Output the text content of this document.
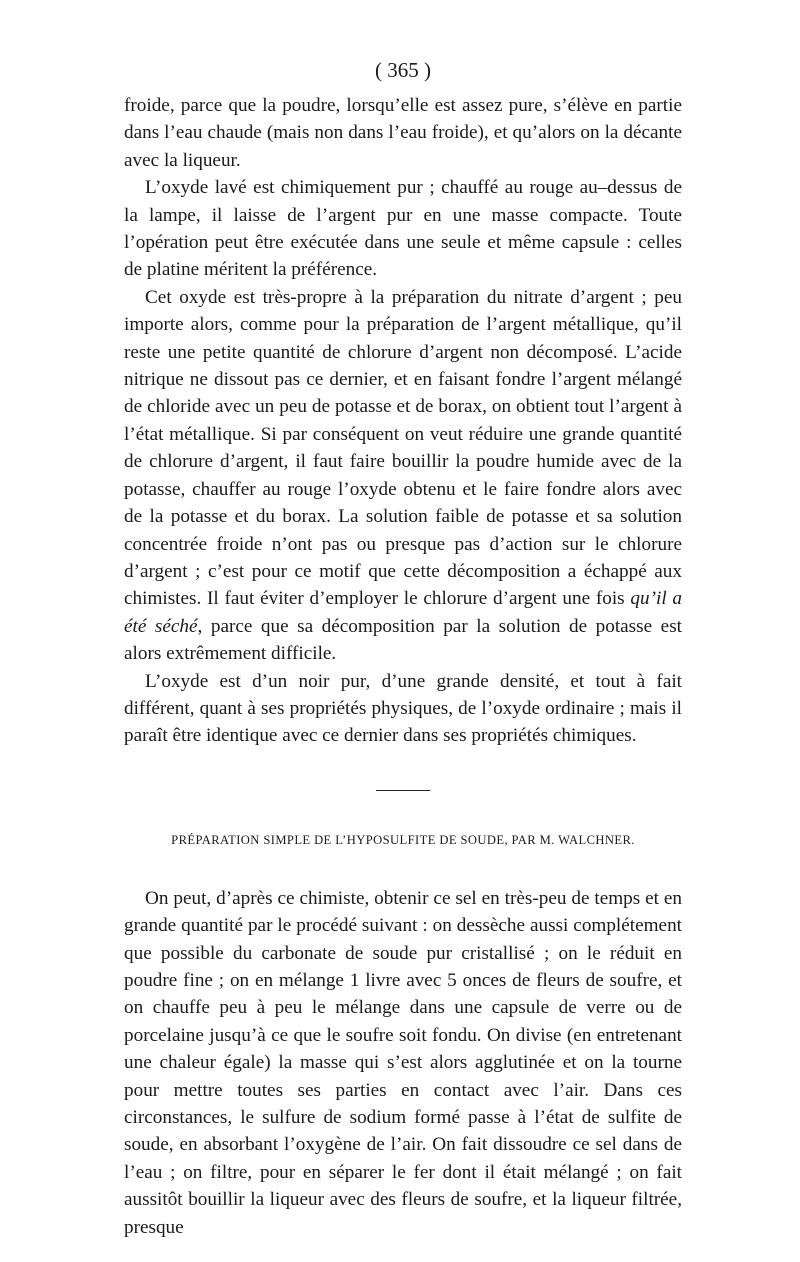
( 365 )

froide, parce que la poudre, lorsqu’elle est assez pure, s’élève en partie dans l’eau chaude (mais non dans l’eau froide), et qu’alors on la décante avec la liqueur.

L’oxyde lavé est chimiquement pur ; chauffé au rouge au–dessus de la lampe, il laisse de l’argent pur en une masse compacte. Toute l’opération peut être exécutée dans une seule et même capsule : celles de platine méritent la préférence.

Cet oxyde est très-propre à la préparation du nitrate d’argent ; peu importe alors, comme pour la préparation de l’argent métallique, qu’il reste une petite quantité de chlorure d’argent non décomposé. L’acide nitrique ne dissout pas ce dernier, et en faisant fondre l’argent mélangé de chloride avec un peu de potasse et de borax, on obtient tout l’argent à l’état métallique. Si par conséquent on veut réduire une grande quantité de chlorure d’argent, il faut faire bouillir la poudre humide avec de la potasse, chauffer au rouge l’oxyde obtenu et le faire fondre alors avec de la potasse et du borax. La solution faible de potasse et sa solution concentrée froide n’ont pas ou presque pas d’action sur le chlorure d’argent ; c’est pour ce motif que cette décomposition a échappé aux chimistes. Il faut éviter d’employer le chlorure d’argent une fois qu’il a été séché, parce que sa décomposition par la solution de potasse est alors extrêmement difficile.

L’oxyde est d’un noir pur, d’une grande densité, et tout à fait différent, quant à ses propriétés physiques, de l’oxyde ordinaire ; mais il paraît être identique avec ce dernier dans ses propriétés chimiques.

PRÉPARATION SIMPLE DE L’HYPOSULFITE DE SOUDE, PAR M. WALCHNER.

On peut, d’après ce chimiste, obtenir ce sel en très-peu de temps et en grande quantité par le procédé suivant : on dessèche aussi complétement que possible du carbonate de soude pur cristallisé ; on le réduit en poudre fine ; on en mélange 1 livre avec 5 onces de fleurs de soufre, et on chauffe peu à peu le mélange dans une capsule de verre ou de porcelaine jusqu’à ce que le soufre soit fondu. On divise (en entretenant une chaleur égale) la masse qui s’est alors agglutinée et on la tourne pour mettre toutes ses parties en contact avec l’air. Dans ces circonstances, le sulfure de sodium formé passe à l’état de sulfite de soude, en absorbant l’oxygène de l’air. On fait dissoudre ce sel dans de l’eau ; on filtre, pour en séparer le fer dont il était mélangé ; on fait aussitôt bouillir la liqueur avec des fleurs de soufre, et la liqueur filtrée, presque
